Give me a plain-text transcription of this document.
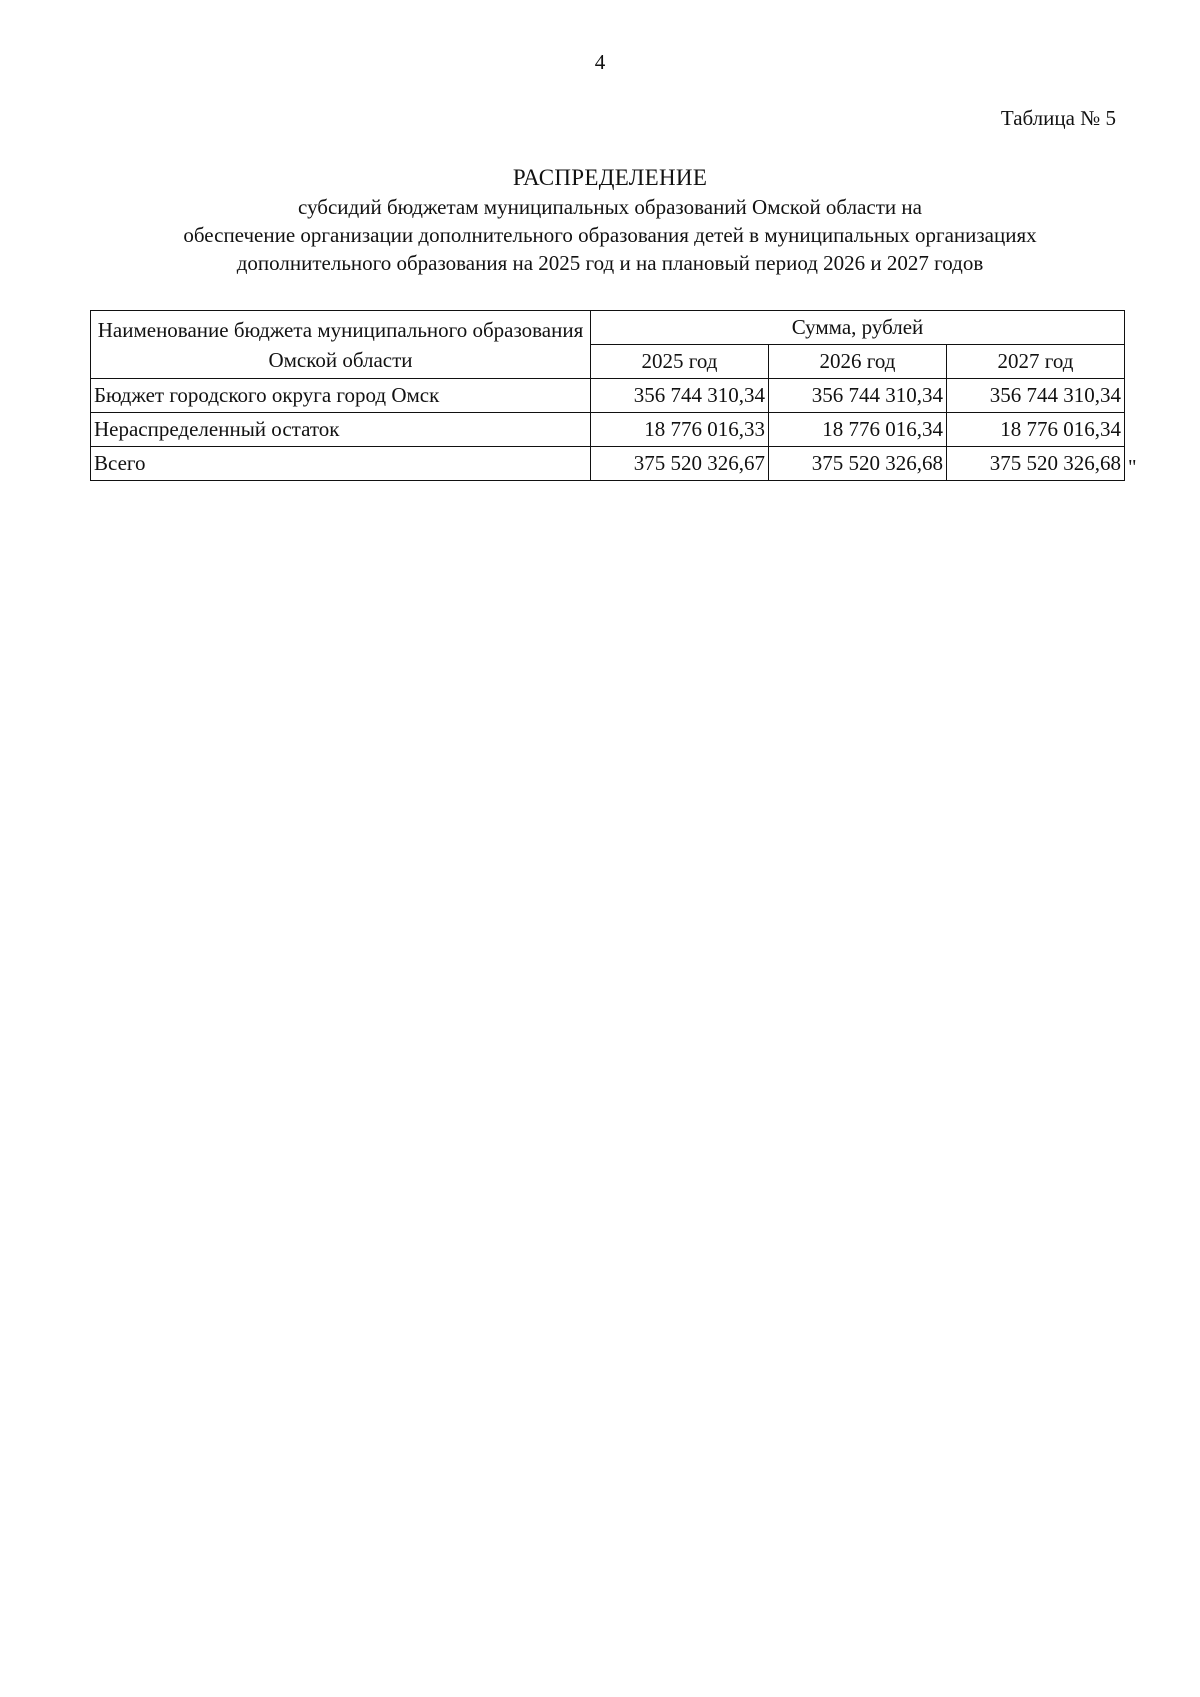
4
Таблица № 5
РАСПРЕДЕЛЕНИЕ
субсидий бюджетам муниципальных образований Омской области на
обеспечение организации дополнительного образования детей в муниципальных организациях
дополнительного образования на 2025 год и на плановый период 2026 и 2027 годов
Наименование бюджета муниципального образования Омской области	Сумма, рублей		
	2025 год	2026 год	2027 год
Бюджет городского округа город Омск	356 744 310,34	356 744 310,34	356 744 310,34
Нераспределенный остаток	18 776 016,33	18 776 016,34	18 776 016,34
Всего	375 520 326,67	375 520 326,68	375 520 326,68 "
